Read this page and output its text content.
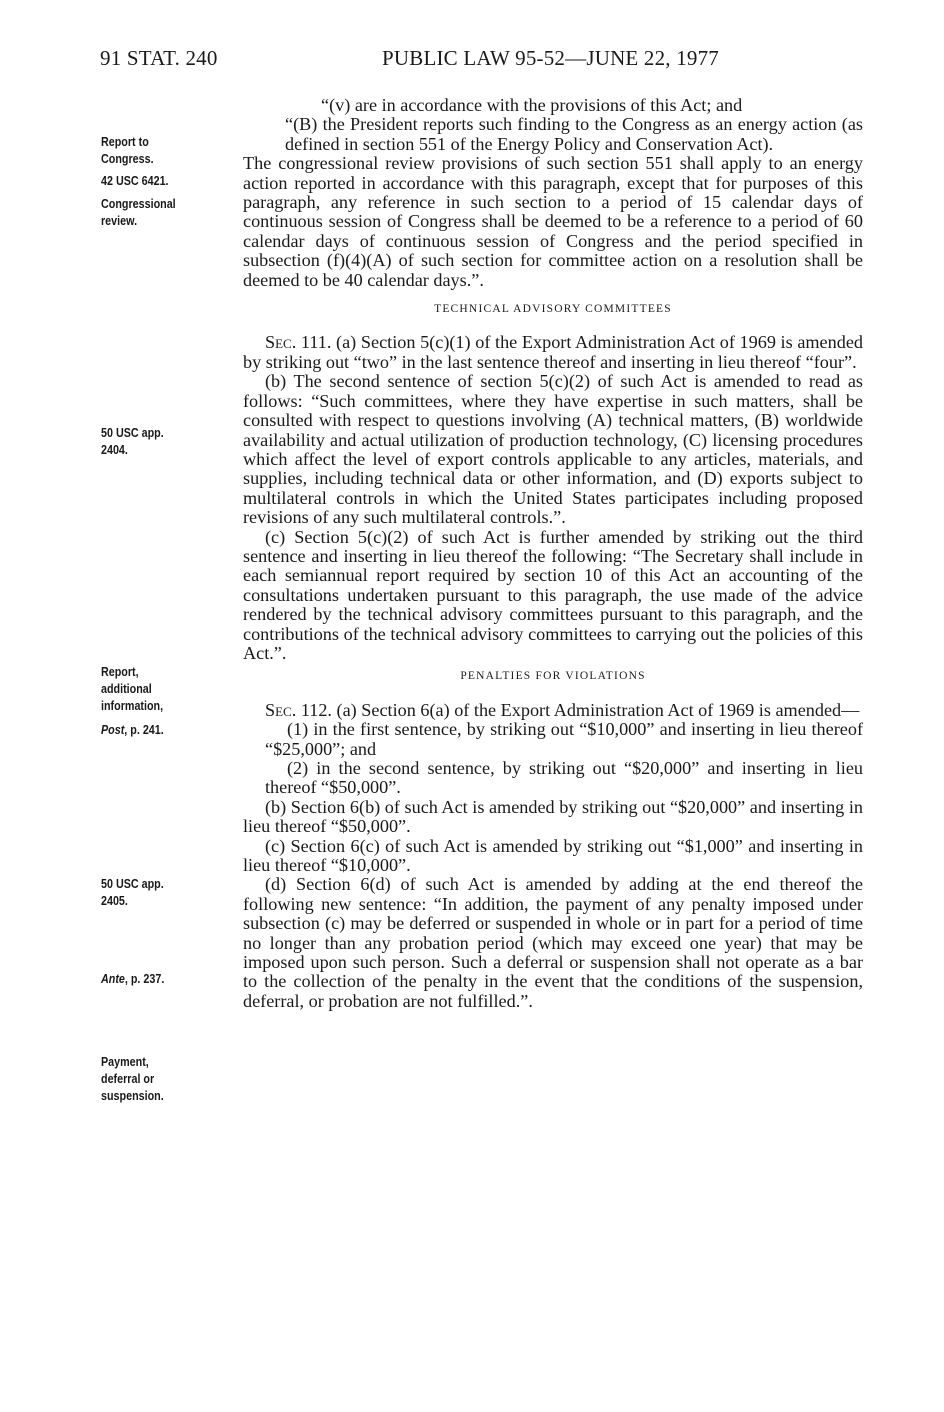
91 STAT. 240	PUBLIC LAW 95-52—JUNE 22, 1977
Report to
Congress.
42 USC 6421.
Congressional
review.
50 USC app.
2404.
Report,
additional
information,
Post, p. 241.
50 USC app.
2405.
Ante, p. 237.
Payment,
deferral or
suspension.

“(v) are in accordance with the provisions of this Act; and

“(B) the President reports such finding to the Congress as an energy action (as defined in section 551 of the Energy Policy and Conservation Act).

The congressional review provisions of such section 551 shall apply to an energy action reported in accordance with this paragraph, except that for purposes of this paragraph, any reference in such section to a period of 15 calendar days of continuous session of Congress shall be deemed to be a reference to a period of 60 calendar days of continuous session of Congress and the period specified in subsection (f)(4)(A) of such section for committee action on a resolution shall be deemed to be 40 calendar days.”.

TECHNICAL ADVISORY COMMITTEES

Sec. 111. (a) Section 5(c)(1) of the Export Administration Act of 1969 is amended by striking out “two” in the last sentence thereof and inserting in lieu thereof “four”.

(b) The second sentence of section 5(c)(2) of such Act is amended to read as follows: “Such committees, where they have expertise in such matters, shall be consulted with respect to questions involving (A) technical matters, (B) worldwide availability and actual utilization of production technology, (C) licensing procedures which affect the level of export controls applicable to any articles, materials, and supplies, including technical data or other information, and (D) exports subject to multilateral controls in which the United States participates including proposed revisions of any such multilateral controls.”.

(c) Section 5(c)(2) of such Act is further amended by striking out the third sentence and inserting in lieu thereof the following: “The Secretary shall include in each semiannual report required by section 10 of this Act an accounting of the consultations undertaken pursuant to this paragraph, the use made of the advice rendered by the technical advisory committees pursuant to this paragraph, and the contributions of the technical advisory committees to carrying out the policies of this Act.”.

PENALTIES FOR VIOLATIONS

Sec. 112. (a) Section 6(a) of the Export Administration Act of 1969 is amended—

(1) in the first sentence, by striking out “$10,000” and inserting in lieu thereof “$25,000”; and

(2) in the second sentence, by striking out “$20,000” and inserting in lieu thereof “$50,000”.

(b) Section 6(b) of such Act is amended by striking out “$20,000” and inserting in lieu thereof “$50,000”.

(c) Section 6(c) of such Act is amended by striking out “$1,000” and inserting in lieu thereof “$10,000”.

(d) Section 6(d) of such Act is amended by adding at the end thereof the following new sentence: “In addition, the payment of any penalty imposed under subsection (c) may be deferred or suspended in whole or in part for a period of time no longer than any probation period (which may exceed one year) that may be imposed upon such person. Such a deferral or suspension shall not operate as a bar to the collection of the penalty in the event that the conditions of the suspension, deferral, or probation are not fulfilled.”.
